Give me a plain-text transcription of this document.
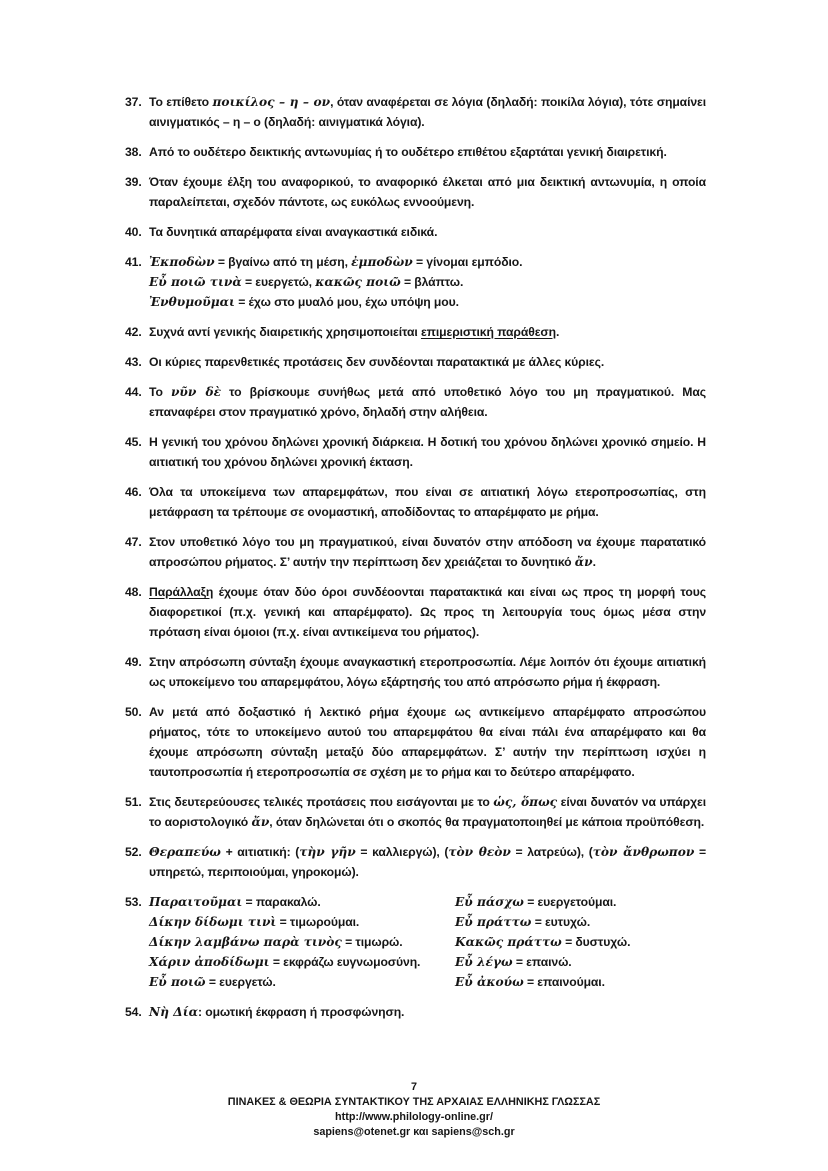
37. Το επίθετο ποικίλος – η – ον, όταν αναφέρεται σε λόγια (δηλαδή: ποικίλα λόγια), τότε σημαίνει αινιγματικός – η – ο (δηλαδή: αινιγματικά λόγια).
38. Από το ουδέτερο δεικτικής αντωνυμίας ή το ουδέτερο επιθέτου εξαρτάται γενική διαιρετική.
39. Όταν έχουμε έλξη του αναφορικού, το αναφορικό έλκεται από μια δεικτική αντωνυμία, η οποία παραλείπεται, σχεδόν πάντοτε, ως ευκόλως εννοούμενη.
40. Τα δυνητικά απαρέμφατα είναι αναγκαστικά ειδικά.
41. Ἐκποδὼν = βγαίνω από τη μέση, ἐμποδὼν = γίνομαι εμπόδιο.
Εὖ ποιῶ τινὰ = ευεργετώ, κακῶς ποιῶ = βλάπτω.
Ἐνθυμοῦμαι = έχω στο μυαλό μου, έχω υπόψη μου.
42. Συχνά αντί γενικής διαιρετικής χρησιμοποιείται επιμεριστική παράθεση.
43. Οι κύριες παρενθετικές προτάσεις δεν συνδέονται παρατακτικά με άλλες κύριες.
44. Το νῦν δὲ το βρίσκουμε συνήθως μετά από υποθετικό λόγο του μη πραγματικού. Μας επαναφέρει στον πραγματικό χρόνο, δηλαδή στην αλήθεια.
45. Η γενική του χρόνου δηλώνει χρονική διάρκεια. Η δοτική του χρόνου δηλώνει χρονικό σημείο. Η αιτιατική του χρόνου δηλώνει χρονική έκταση.
46. Όλα τα υποκείμενα των απαρεμφάτων, που είναι σε αιτιατική λόγω ετεροπροσωπίας, στη μετάφραση τα τρέπουμε σε ονομαστική, αποδίδοντας το απαρέμφατο με ρήμα.
47. Στον υποθετικό λόγο του μη πραγματικού, είναι δυνατόν στην απόδοση να έχουμε παρατατικό απροσώπου ρήματος. Σ’ αυτήν την περίπτωση δεν χρειάζεται το δυνητικό ἄν.
48. Παράλλαξη έχουμε όταν δύο όροι συνδέοονται παρατακτικά και είναι ως προς τη μορφή τους διαφορετικοί (π.χ. γενική και απαρέμφατο). Ως προς τη λειτουργία τους όμως μέσα στην πρόταση είναι όμοιοι (π.χ. είναι αντικείμενα του ρήματος).
49. Στην απρόσωπη σύνταξη έχουμε αναγκαστική ετεροπροσωπία. Λέμε λοιπόν ότι έχουμε αιτιατική ως υποκείμενο του απαρεμφάτου, λόγω εξάρτησής του από απρόσωπο ρήμα ή έκφραση.
50. Αν μετά από δοξαστικό ή λεκτικό ρήμα έχουμε ως αντικείμενο απαρέμφατο απροσώπου ρήματος, τότε το υποκείμενο αυτού του απαρεμφάτου θα είναι πάλι ένα απαρέμφατο και θα έχουμε απρόσωπη σύνταξη μεταξύ δύο απαρεμφάτων. Σ’ αυτήν την περίπτωση ισχύει η ταυτοπροσωπία ή ετεροπροσωπία σε σχέση με το ρήμα και το δεύτερο απαρέμφατο.
51. Στις δευτερεύουσες τελικές προτάσεις που εισάγονται με το ὡς, ὅπως είναι δυνατόν να υπάρχει το αοριστολογικό ἄν, όταν δηλώνεται ότι ο σκοπός θα πραγματοποιηθεί με κάποια προϋπόθεση.
52. Θεραπεύω + αιτιατική: (τὴν γῆν = καλλιεργώ), (τὸν θεὸν = λατρεύω), (τὸν ἄνθρωπον = υπηρετώ, περιποιούμαι, γηροκομώ).
53. Παραιτοῦμαι = παρακαλώ.
Δίκην δίδωμι τινὶ = τιμωρούμαι.
Δίκην λαμβάνω παρὰ τινὸς = τιμωρώ.
Χάριν ἀποδίδωμι = εκφράζω ευγνωμοσύνη.
Εὖ ποιῶ = ευεργετώ.
Εὖ πάσχω = ευεργετούμαι.
Εὖ πράττω = ευτυχώ.
Κακῶς πράττω = δυστυχώ.
Εὖ λέγω = επαινώ.
Εὖ ἀκούω = επαινούμαι.
54. Νὴ Δία: ομωτική έκφραση ή προσφώνηση.
7
ΠΙΝΑΚΕΣ & ΘΕΩΡΙΑ ΣΥΝΤΑΚΤΙΚΟΥ ΤΗΣ ΑΡΧΑΙΑΣ ΕΛΛΗΝΙΚΗΣ ΓΛΩΣΣΑΣ
http://www.philology-online.gr/
sapiens@otenet.gr και sapiens@sch.gr
